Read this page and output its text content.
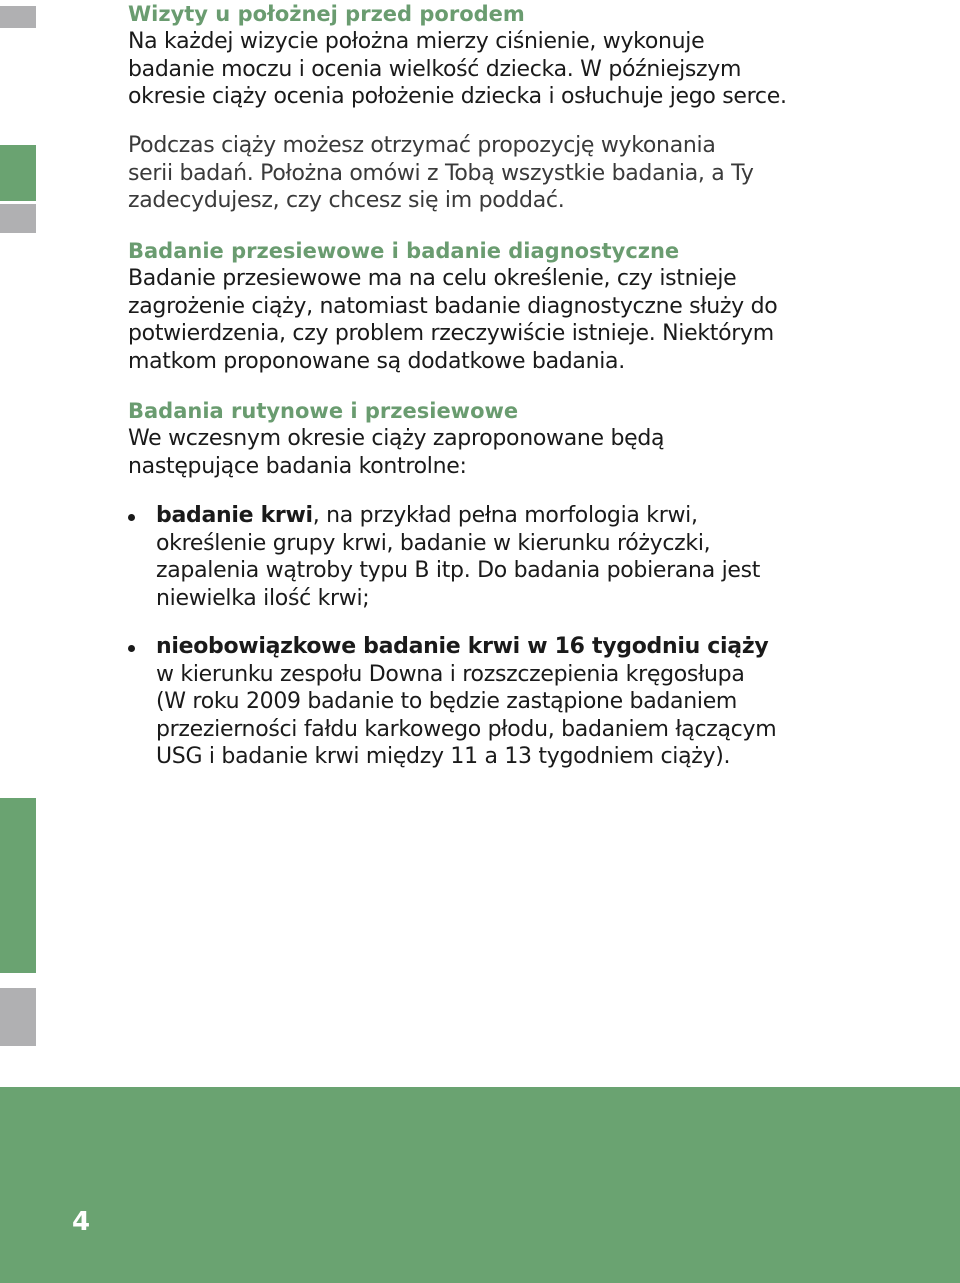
Wizyty u położnej przed porodem

Na każdej wizycie położna mierzy ciśnienie, wykonuje

badanie moczu i ocenia wielkość dziecka. W późniejszym

okresie ciąży ocenia położenie dziecka i osłuchuje jego serce.

Podczas ciąży możesz otrzymać propozycję wykonania

serii badań. Położna omówi z Tobą wszystkie badania, a Ty

zadecydujesz, czy chcesz się im poddać.

Badanie przesiewowe i badanie diagnostyczne

Badanie przesiewowe ma na celu określenie, czy istnieje

zagrożenie ciąży, natomiast badanie diagnostyczne służy do

potwierdzenia, czy problem rzeczywiście istnieje. Niektórym

matkom proponowane są dodatkowe badania.

Badania rutynowe i przesiewowe

We wczesnym okresie ciąży zaproponowane będą

następujące badania kontrolne:

badanie krwi, na przykład pełna morfologia krwi,
określenie grupy krwi, badanie w kierunku różyczki,
zapalenia wątroby typu B itp. Do badania pobierana jest
niewielka ilość krwi;
nieobowiązkowe badanie krwi w 16 tygodniu ciąży
w kierunku zespołu Downa i rozszczepienia kręgosłupa
(W roku 2009 badanie to będzie zastąpione badaniem
przezierności fałdu karkowego płodu, badaniem łączącym
USG i badanie krwi między 11 a 13 tygodniem ciąży).
4
